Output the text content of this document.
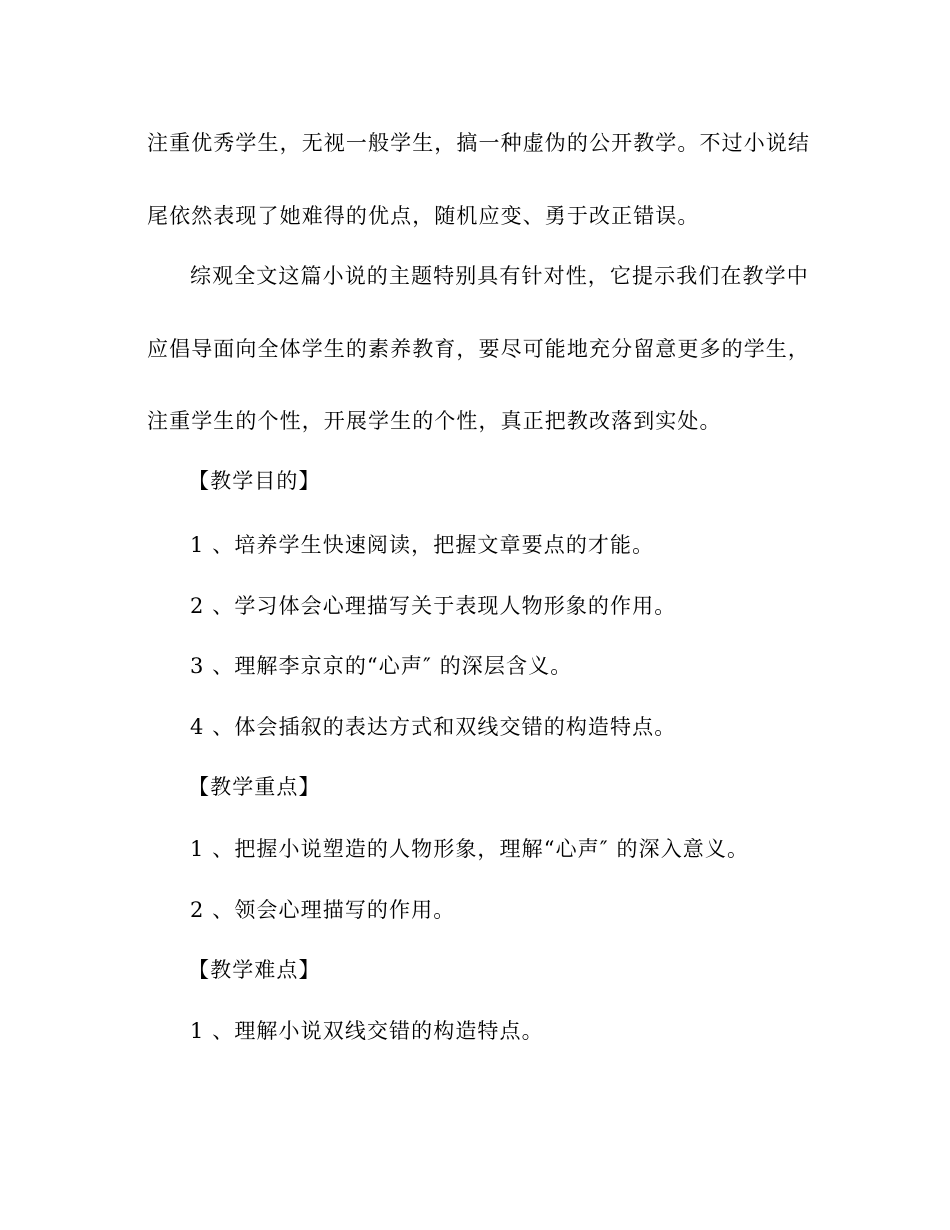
注重优秀学生，无视一般学生，搞一种虚伪的公开教学。不过小说结
尾依然表现了她难得的优点，随机应变、勇于改正错误。
综观全文这篇小说的主题特别具有针对性，它提示我们在教学中
应倡导面向全体学生的素养教育，要尽可能地充分留意更多的学生，
注重学生的个性，开展学生的个性，真正把教改落到实处。
【教学目的】
1 、培养学生快速阅读，把握文章要点的才能。
2 、学习体会心理描写关于表现人物形象的作用。
3 、理解李京京的“心声″ 的深层含义。
4 、体会插叙的表达方式和双线交错的构造特点。
【教学重点】
1 、把握小说塑造的人物形象，理解“心声″ 的深入意义。
2 、领会心理描写的作用。
【教学难点】
1 、理解小说双线交错的构造特点。
